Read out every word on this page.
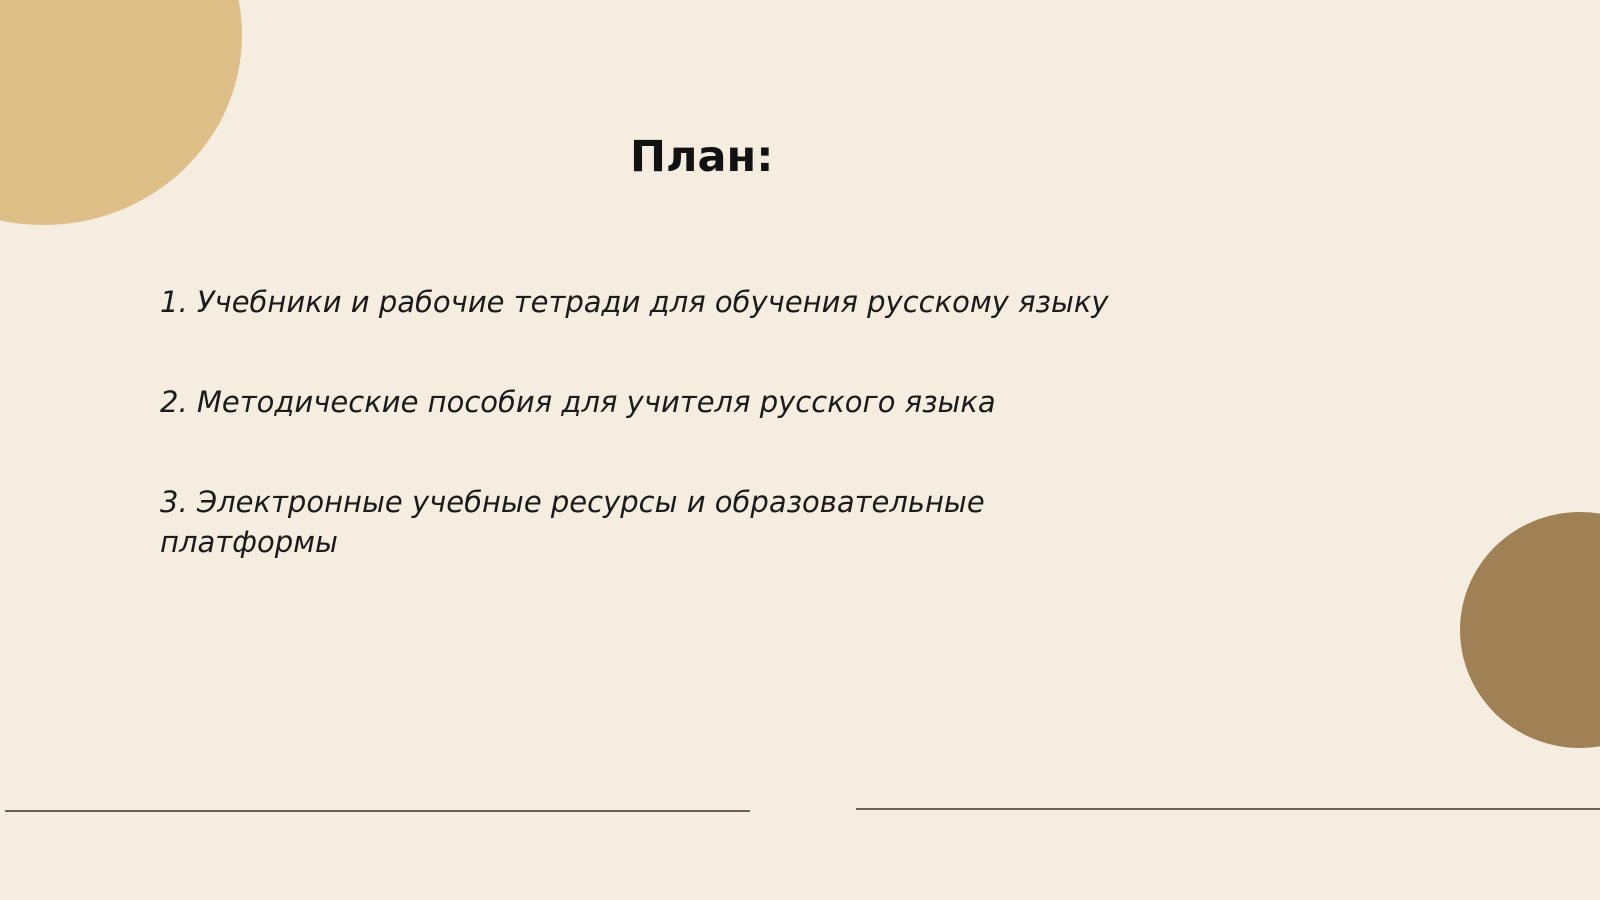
План:
1. Учебники и рабочие тетради для обучения русскому языку
2. Методические пособия для учителя русского языка
3. Электронные учебные ресурсы и образовательные платформы
